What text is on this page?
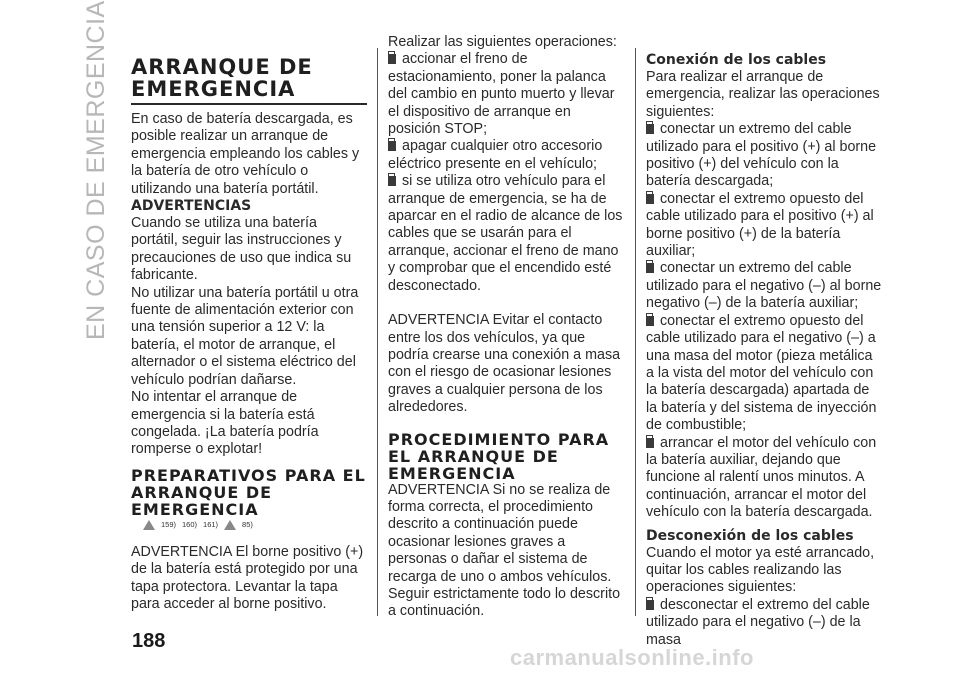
EN CASO DE EMERGENCIA ARRANQUE DE EMERGENCIA

En caso de batería descargada, es posible realizar un arranque de emergencia empleando los cables y la batería de otro vehículo o utilizando una batería portátil.

ADVERTENCIAS

Cuando se utiliza una batería portátil, seguir las instrucciones y precauciones de uso que indica su fabricante.

No utilizar una batería portátil u otra fuente de alimentación exterior con una tensión superior a 12 V: la batería, el motor de arranque, el alternador o el sistema eléctrico del vehículo podrían dañarse.

No intentar el arranque de emergencia si la batería está congelada. ¡La batería podría romperse o explotar!

PREPARATIVOS PARA EL ARRANQUE DE EMERGENCIA
159) 160) 161)	85)

ADVERTENCIA El borne positivo (+) de la batería está protegido por una tapa protectora. Levantar la tapa para acceder al borne positivo.

Realizar las siguientes operaciones:

accionar el freno de estacionamiento, poner la palanca del cambio en punto muerto y llevar el dispositivo de arranque en posición STOP;

apagar cualquier otro accesorio eléctrico presente en el vehículo;

si se utiliza otro vehículo para el arranque de emergencia, se ha de aparcar en el radio de alcance de los cables que se usarán para el arranque, accionar el freno de mano y comprobar que el encendido esté desconectado.

ADVERTENCIA Evitar el contacto entre los dos vehículos, ya que podría crearse una conexión a masa con el riesgo de ocasionar lesiones graves a cualquier persona de los alrededores.

PROCEDIMIENTO PARA EL ARRANQUE DE EMERGENCIA

ADVERTENCIA Si no se realiza de forma correcta, el procedimiento descrito a continuación puede ocasionar lesiones graves a personas o dañar el sistema de recarga de uno o ambos vehículos. Seguir estrictamente todo lo descrito a continuación.

Conexión de los cables

Para realizar el arranque de emergencia, realizar las operaciones siguientes:

conectar un extremo del cable utilizado para el positivo (+) al borne positivo (+) del vehículo con la batería descargada;

conectar el extremo opuesto del cable utilizado para el positivo (+) al borne positivo (+) de la batería auxiliar;

conectar un extremo del cable utilizado para el negativo (–) al borne negativo (–) de la batería auxiliar;

conectar el extremo opuesto del cable utilizado para el negativo (–) a una masa del motor (pieza metálica a la vista del motor del vehículo con la batería descargada) apartada de la batería y del sistema de inyección de combustible;

arrancar el motor del vehículo con la batería auxiliar, dejando que funcione al ralentí unos minutos. A continuación, arrancar el motor del vehículo con la batería descargada.

Desconexión de los cables

Cuando el motor ya esté arrancado, quitar los cables realizando las operaciones siguientes:

desconectar el extremo del cable utilizado para el negativo (–) de la masa

188
carmanualsonline.info
